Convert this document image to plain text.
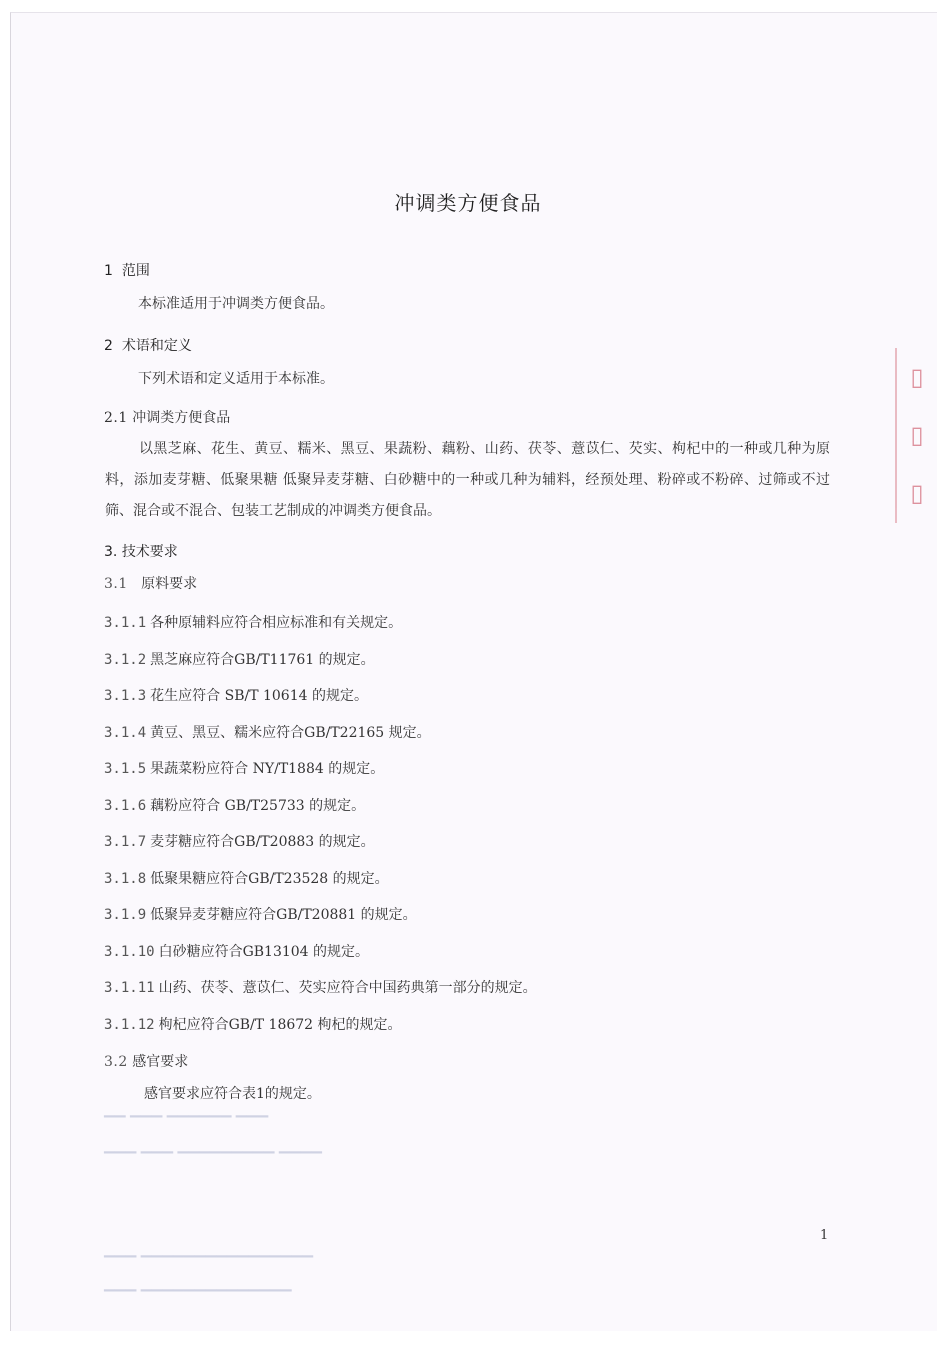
▯
▯
▯
冲调类方便食品
1 范围
本标准适用于冲调类方便食品。
2 术语和定义
下列术语和定义适用于本标准。
2.1 冲调类方便食品
以黑芝麻、花生、黄豆、糯米、黑豆、果蔬粉、藕粉、山药、茯苓、薏苡仁、芡实、枸杞中的一种或几种为原料，添加麦芽糖、低聚果糖 低聚异麦芽糖、白砂糖中的一种或几种为辅料，经预处理、粉碎或不粉碎、过筛或不过筛、混合或不混合、包装工艺制成的冲调类方便食品。
3. 技术要求
3.1 原料要求
3.1.1 各种原辅料应符合相应标准和有关规定。
3.1.2 黑芝麻应符合GB/T11761 的规定。
3.1.3 花生应符合 SB/T 10614 的规定。
3.1.4 黄豆、黑豆、糯米应符合GB/T22165 规定。
3.1.5 果蔬菜粉应符合 NY/T1884 的规定。
3.1.6 藕粉应符合 GB/T25733 的规定。
3.1.7 麦芽糖应符合GB/T20883 的规定。
3.1.8 低聚果糖应符合GB/T23528 的规定。
3.1.9 低聚异麦芽糖应符合GB/T20881 的规定。
3.1.10 白砂糖应符合GB13104 的规定。
3.1.11 山药、茯苓、薏苡仁、芡实应符合中国药典第一部分的规定。
3.1.12 枸杞应符合GB/T 18672 枸杞的规定。
3.2 感官要求
感官要求应符合表1的规定。
▁▁ ▁▁▁ ▁▁▁▁▁▁ ▁▁▁
▁▁▁ ▁▁▁ ▁▁▁▁▁▁▁▁▁ ▁▁▁▁
▁▁▁ ▁▁▁▁▁▁▁▁▁▁▁▁▁▁▁▁
▁▁▁ ▁▁▁▁▁▁▁▁▁▁▁▁▁▁
1
